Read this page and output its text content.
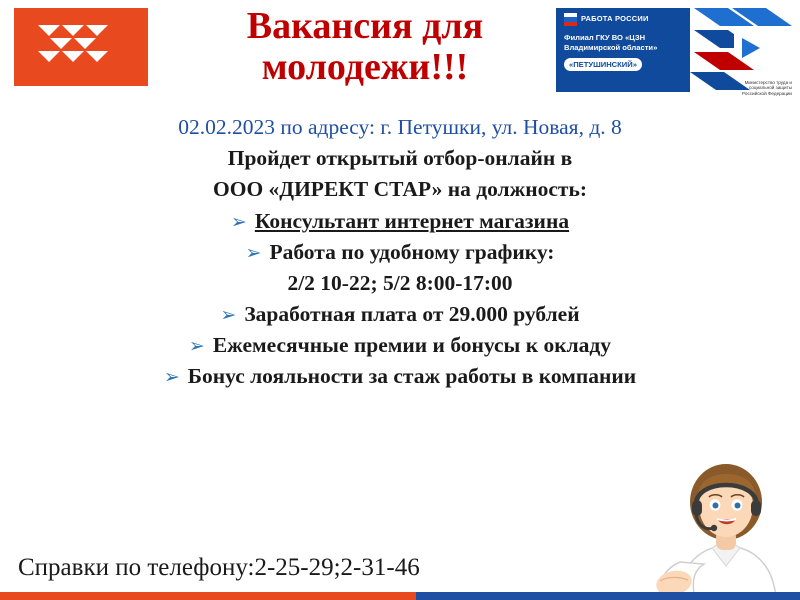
Вакансия для молодежи!!!
РАБОТА РОССИИ
Филиал ГКУ ВО «ЦЗН Владимирской области»
«ПЕТУШИНСКИЙ»
Министерство труда и социальной защиты Российской Федерации
02.02.2023 по адресу: г. Петушки, ул. Новая, д. 8
Пройдет открытый отбор-онлайн в
ООО «ДИРЕКТ СТАР» на должность:
➢ Консультант интернет магазина
➢ Работа по удобному графику:
2/2 10-22; 5/2 8:00-17:00
➢ Заработная плата от 29.000 рублей
➢ Ежемесячные премии и бонусы к окладу
➢ Бонус лояльности за стаж работы в компании
Справки по телефону:2-25-29;2-31-46
